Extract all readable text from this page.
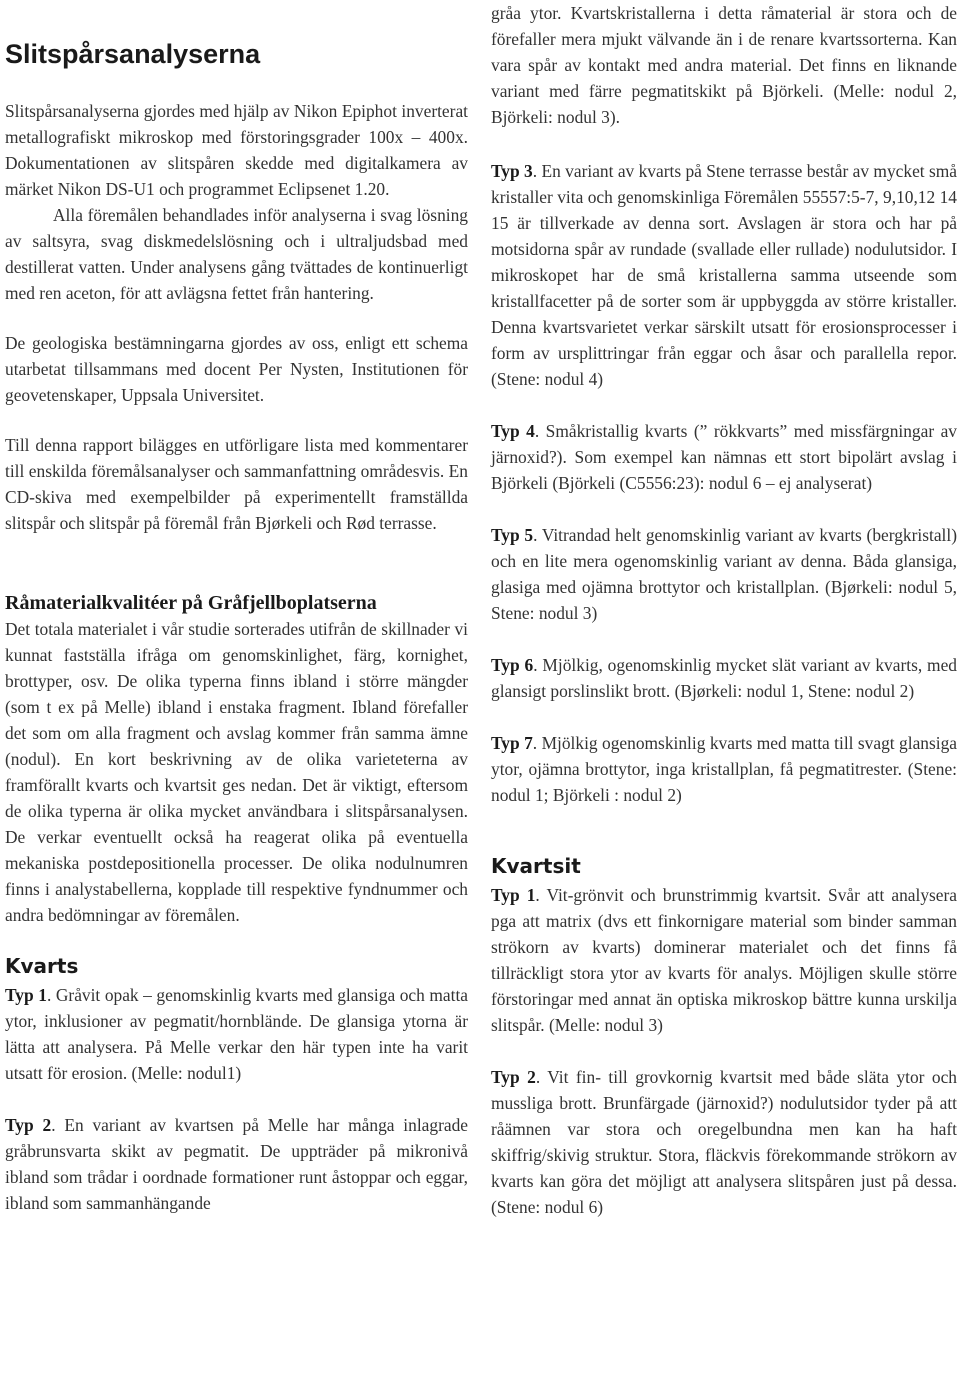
Slitspårsanalyserna

Slitspårsanalyserna gjordes med hjälp av Nikon Epiphot inverterat metallografiskt mikroskop med förstoringsgrader 100x – 400x. Dokumentationen av slitspåren skedde med digitalkamera av märket Nikon DS-U1 och programmet Eclipsenet 1.20.

Alla föremålen behandlades inför analyserna i svag lösning av saltsyra, svag diskmedelslösning och i ultraljudsbad med destillerat vatten. Under analysens gång tvättades de kontinuerligt med ren aceton, för att avlägsna fettet från hantering.

De geologiska bestämningarna gjordes av oss, enligt ett schema utarbetat tillsammans med docent Per Nysten, Institutionen för geovetenskaper, Uppsala Universitet.

Till denna rapport bilägges en utförligare lista med kommentarer till enskilda föremålsanalyser och sammanfattning områdesvis. En CD-skiva med exempelbilder på experimentellt framställda slitspår och slitspår på föremål från Bjørkeli och Rød terrasse.

Råmaterialkvalitéer på Gråfjellboplatserna

Det totala materialet i vår studie sorterades utifrån de skillnader vi kunnat fastställa ifråga om genomskinlighet, färg, kornighet, brottyper, osv. De olika typerna finns ibland i större mängder (som t ex på Melle) ibland i enstaka fragment. Ibland förefaller det som om alla fragment och avslag kommer från samma ämne (nodul). En kort beskrivning av de olika varieteterna av framförallt kvarts och kvartsit ges nedan. Det är viktigt, eftersom de olika typerna är olika mycket användbara i slitspårsanalysen. De verkar eventuellt också ha reagerat olika på eventuella mekaniska postdepositionella processer. De olika nodulnumren finns i analystabellerna, kopplade till respektive fyndnummer och andra bedömningar av föremålen.

Kvarts

Typ 1. Gråvit opak – genomskinlig kvarts med glansiga och matta ytor, inklusioner av pegmatit/hornblände. De glansiga ytorna är lätta att analysera. På Melle verkar den här typen inte ha varit utsatt för erosion. (Melle: nodul1)

Typ 2. En variant av kvartsen på Melle har många inlagrade gråbrunsvarta skikt av pegmatit. De uppträder på mikronivå ibland som trådar i oordnade formationer runt åstoppar och eggar, ibland som sammanhängande

gråa ytor. Kvartskristallerna i detta råmaterial är stora och de förefaller mera mjukt välvande än i de renare kvartssorterna. Kan vara spår av kontakt med andra material. Det finns en liknande variant med färre pegmatitskikt på Björkeli. (Melle: nodul 2, Björkeli: nodul 3).

Typ 3. En variant av kvarts på Stene terrasse består av mycket små kristaller vita och genomskinliga Föremålen 55557:5-7, 9,10,12 14 15 är tillverkade av denna sort. Avslagen är stora och har på motsidorna spår av rundade (svallade eller rullade) nodulutsidor. I mikroskopet har de små kristallerna samma utseende som kristallfacetter på de sorter som är uppbyggda av större kristaller. Denna kvartsvarietet verkar särskilt utsatt för erosionsprocesser i form av ursplittringar från eggar och åsar och parallella repor. (Stene: nodul 4)

Typ 4. Småkristallig kvarts (” rökkvarts” med missfärgningar av järnoxid?). Som exempel kan nämnas ett stort bipolärt avslag i Björkeli (Björkeli (C5556:23): nodul 6 – ej analyserat)

Typ 5. Vitrandad helt genomskinlig variant av kvarts (bergkristall) och en lite mera ogenomskinlig variant av denna. Båda glansiga, glasiga med ojämna brottytor och kristallplan. (Bjørkeli: nodul 5, Stene: nodul 3)

Typ 6. Mjölkig, ogenomskinlig mycket slät variant av kvarts, med glansigt porslinslikt brott. (Bjørkeli: nodul 1, Stene: nodul 2)

Typ 7. Mjölkig ogenomskinlig kvarts med matta till svagt glansiga ytor, ojämna brottytor, inga kristallplan, få pegmatitrester. (Stene: nodul 1; Björkeli : nodul 2)

Kvartsit

Typ 1. Vit-grönvit och brunstrimmig kvartsit. Svår att analysera pga att matrix (dvs ett finkornigare material som binder samman strökorn av kvarts) dominerar materialet och det finns få tillräckligt stora ytor av kvarts för analys. Möjligen skulle större förstoringar med annat än optiska mikroskop bättre kunna urskilja slitspår. (Melle: nodul 3)

Typ 2. Vit fin- till grovkornig kvartsit med både släta ytor och mussliga brott. Brunfärgade (järnoxid?) nodulutsidor tyder på att råämnen var stora och oregelbundna men kan ha haft skiffrig/skivig struktur. Stora, fläckvis förekommande strökorn av kvarts kan göra det möjligt att analysera slitspåren just på dessa. (Stene: nodul 6)
